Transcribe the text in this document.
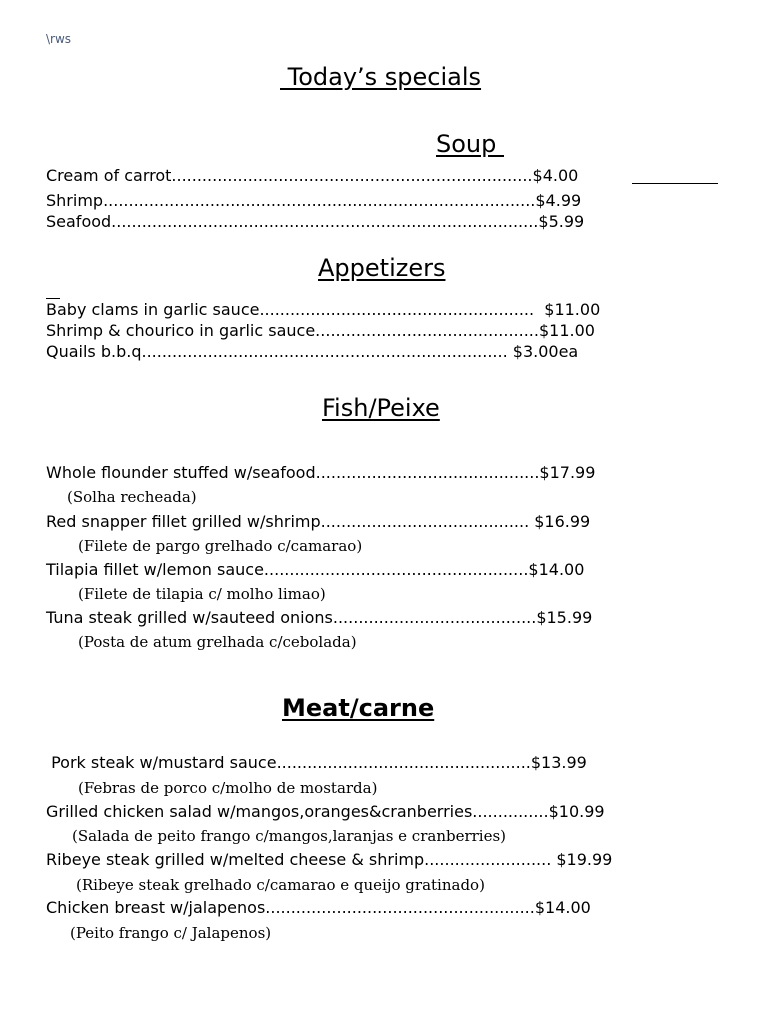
\rws
Today’s specials
Soup
Cream of carrot.......................................................................$4.00
Shrimp.....................................................................................$4.99
Seafood....................................................................................$5.99
Appetizers
Baby clams in garlic sauce......................................................  $11.00
Shrimp & chourico in garlic sauce............................................$11.00
Quails b.b.q........................................................................ $3.00ea
Fish/Peixe
Whole flounder stuffed w/seafood............................................$17.99
(Solha recheada)
Red snapper fillet grilled w/shrimp......................................... $16.99
(Filete de pargo grelhado c/camarao)
Tilapia fillet w/lemon sauce....................................................$14.00
(Filete de tilapia c/ molho limao)
Tuna steak grilled w/sauteed onions........................................$15.99
(Posta de atum grelhada c/cebolada)
Meat/carne
Pork steak w/mustard sauce..................................................$13.99
(Febras de porco c/molho de mostarda)
Grilled chicken salad w/mangos,oranges&cranberries...............$10.99
(Salada de peito frango c/mangos,laranjas e cranberries)
Ribeye steak grilled w/melted cheese & shrimp......................... $19.99
(Ribeye steak grelhado c/camarao e queijo gratinado)
Chicken breast w/jalapenos.....................................................$14.00
(Peito frango c/ Jalapenos)
